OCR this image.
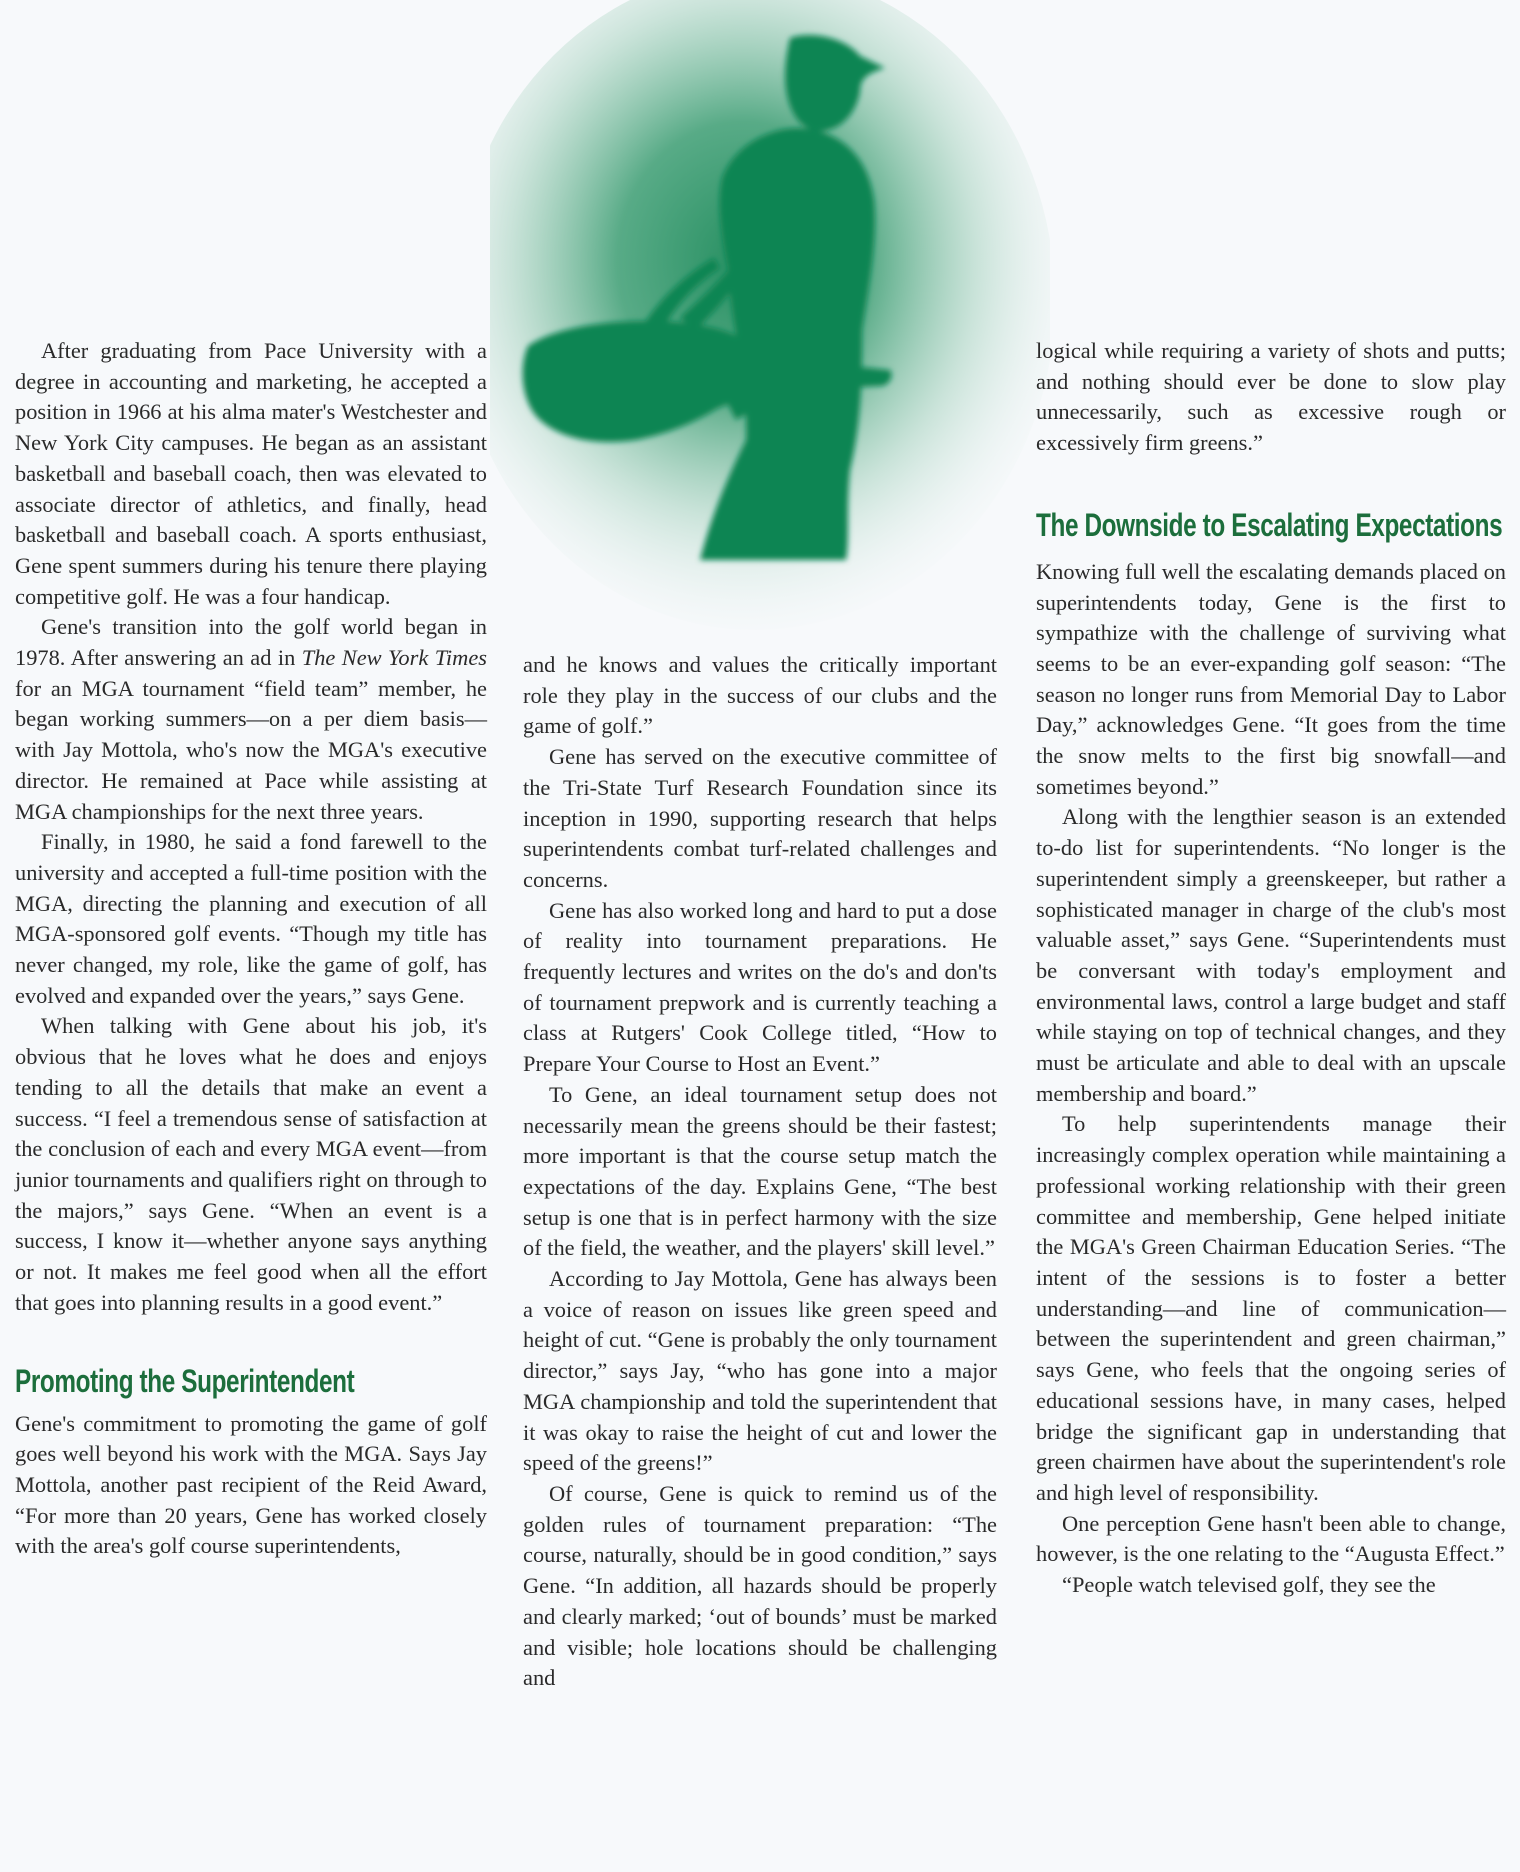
After graduating from Pace University with a degree in accounting and marketing, he accepted a position in 1966 at his alma mater's Westchester and New York City campuses. He began as an assistant basketball and baseball coach, then was elevated to associate director of athletics, and finally, head basketball and baseball coach. A sports enthusiast, Gene spent summers during his tenure there playing competitive golf. He was a four handicap.

Gene's transition into the golf world began in 1978. After answering an ad in The New York Times for an MGA tournament “field team” member, he began working summers—on a per diem basis—with Jay Mottola, who's now the MGA's executive director. He remained at Pace while assisting at MGA championships for the next three years.

Finally, in 1980, he said a fond farewell to the university and accepted a full-time position with the MGA, directing the planning and execution of all MGA-sponsored golf events. “Though my title has never changed, my role, like the game of golf, has evolved and expanded over the years,” says Gene.

When talking with Gene about his job, it's obvious that he loves what he does and enjoys tending to all the details that make an event a success. “I feel a tremendous sense of satisfaction at the conclusion of each and every MGA event—from junior tournaments and qualifiers right on through to the majors,” says Gene. “When an event is a success, I know it—whether anyone says anything or not. It makes me feel good when all the effort that goes into planning results in a good event.”

Promoting the Superintendent

Gene's commitment to promoting the game of golf goes well beyond his work with the MGA. Says Jay Mottola, another past recipient of the Reid Award, “For more than 20 years, Gene has worked closely with the area's golf course superintendents,

and he knows and values the critically important role they play in the success of our clubs and the game of golf.”

Gene has served on the executive committee of the Tri-State Turf Research Foundation since its inception in 1990, supporting research that helps superintendents combat turf-related challenges and concerns.

Gene has also worked long and hard to put a dose of reality into tournament preparations. He frequently lectures and writes on the do's and don'ts of tournament prepwork and is currently teaching a class at Rutgers' Cook College titled, “How to Prepare Your Course to Host an Event.”

To Gene, an ideal tournament setup does not necessarily mean the greens should be their fastest; more important is that the course setup match the expectations of the day. Explains Gene, “The best setup is one that is in perfect harmony with the size of the field, the weather, and the players' skill level.”

According to Jay Mottola, Gene has always been a voice of reason on issues like green speed and height of cut. “Gene is probably the only tournament director,” says Jay, “who has gone into a major MGA championship and told the superintendent that it was okay to raise the height of cut and lower the speed of the greens!”

Of course, Gene is quick to remind us of the golden rules of tournament preparation: “The course, naturally, should be in good condition,” says Gene. “In addition, all hazards should be properly and clearly marked; ‘out of bounds’ must be marked and visible; hole locations should be challenging and

logical while requiring a variety of shots and putts; and nothing should ever be done to slow play unnecessarily, such as excessive rough or excessively firm greens.”

The Downside to Escalating Expectations

Knowing full well the escalating demands placed on superintendents today, Gene is the first to sympathize with the challenge of surviving what seems to be an ever-expanding golf season: “The season no longer runs from Memorial Day to Labor Day,” acknowledges Gene. “It goes from the time the snow melts to the first big snowfall—and sometimes beyond.”

Along with the lengthier season is an extended to-do list for superintendents. “No longer is the superintendent simply a greenskeeper, but rather a sophisticated manager in charge of the club's most valuable asset,” says Gene. “Superintendents must be conversant with today's employment and environmental laws, control a large budget and staff while staying on top of technical changes, and they must be articulate and able to deal with an upscale membership and board.”

To help superintendents manage their increasingly complex operation while maintaining a professional working relationship with their green committee and membership, Gene helped initiate the MGA's Green Chairman Education Series. “The intent of the sessions is to foster a better understanding—and line of communication—between the superintendent and green chairman,” says Gene, who feels that the ongoing series of educational sessions have, in many cases, helped bridge the significant gap in understanding that green chairmen have about the superintendent's role and high level of responsibility.

One perception Gene hasn't been able to change, however, is the one relating to the “Augusta Effect.”

“People watch televised golf, they see the
